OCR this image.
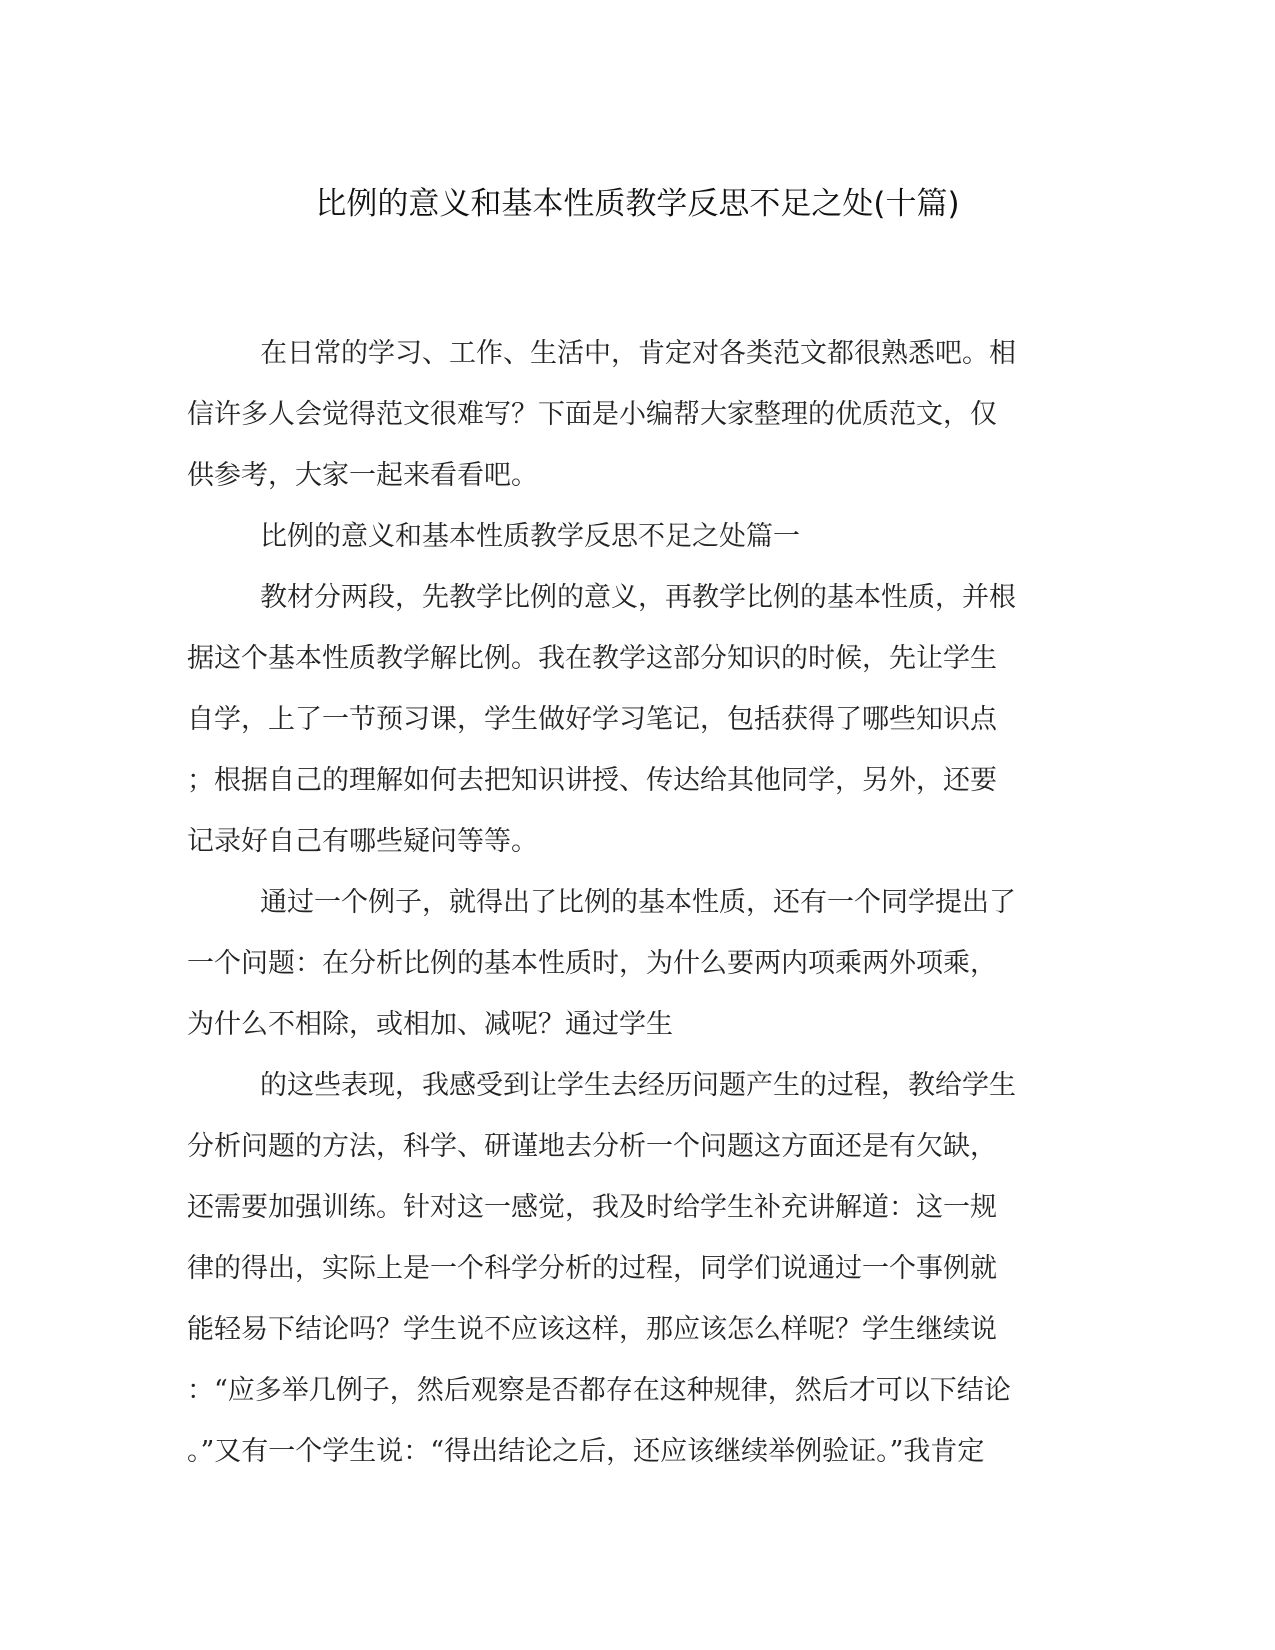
比例的意义和基本性质教学反思不足之处(十篇)
在日常的学习、工作、生活中，肯定对各类范文都很熟悉吧。相
信许多人会觉得范文很难写？下面是小编帮大家整理的优质范文，仅
供参考，大家一起来看看吧。
比例的意义和基本性质教学反思不足之处篇一
教材分两段，先教学比例的意义，再教学比例的基本性质，并根
据这个基本性质教学解比例。我在教学这部分知识的时候，先让学生
自学，上了一节预习课，学生做好学习笔记，包括获得了哪些知识点
；根据自己的理解如何去把知识讲授、传达给其他同学，另外，还要
记录好自己有哪些疑问等等。
通过一个例子，就得出了比例的基本性质，还有一个同学提出了
一个问题：在分析比例的基本性质时，为什么要两内项乘两外项乘，
为什么不相除，或相加、减呢？通过学生
的这些表现，我感受到让学生去经历问题产生的过程，教给学生
分析问题的方法，科学、研谨地去分析一个问题这方面还是有欠缺，
还需要加强训练。针对这一感觉，我及时给学生补充讲解道：这一规
律的得出，实际上是一个科学分析的过程，同学们说通过一个事例就
能轻易下结论吗？学生说不应该这样，那应该怎么样呢？学生继续说
：“应多举几例子，然后观察是否都存在这种规律，然后才可以下结论
。”又有一个学生说：“得出结论之后，还应该继续举例验证。”我肯定
